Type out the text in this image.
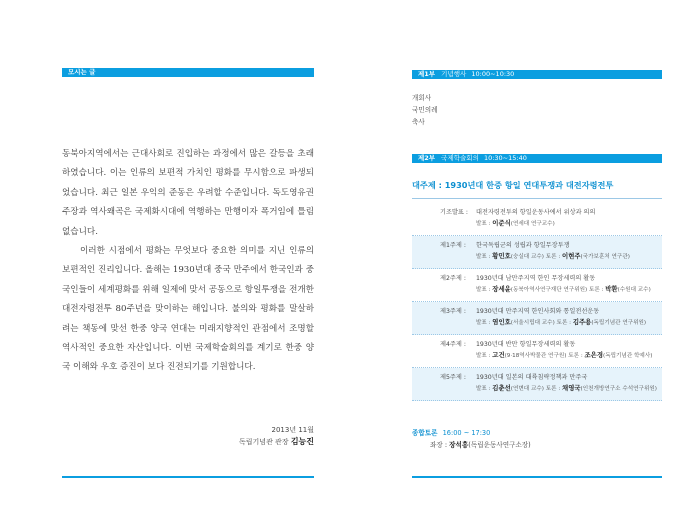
모시는 글

동북아지역에서는 근대사회로 진입하는 과정에서 많은 갈등을 초래하였습니다. 이는 인류의 보편적 가치인 평화를 무시함으로 파생되었습니다. 최근 일본 우익의 준동은 우려할 수준입니다. 독도영유권 주장과 역사왜곡은 국제화시대에 역행하는 만행이자 폭거임에 틀림없습니다.

이러한 시점에서 평화는 무엇보다 중요한 의미를 지닌 인류의 보편적인 진리입니다. 올해는 1930년대 중국 만주에서 한국인과 중국인들이 세계평화를 위해 일제에 맞서 공동으로 항일투쟁을 전개한 대전자령전투 80주년을 맞이하는 해입니다. 불의와 평화를 말살하려는 책동에 맞선 한중 양국 연대는 미래지향적인 관점에서 조명할 역사적인 중요한 자산입니다. 이번 국제학술회의를 계기로 한중 양국 이해와 우호 증진이 보다 진전되기를 기원합니다.

2013년 11월
독립기념관 관장 김능진
제1부 기념행사 10:00~10:30
개회사
국민의례
축사
제2부 국제학술회의 10:30~15:40
대주제 : 1930년대 한중 항일 연대투쟁과 대전자령전투
기조발표 :	대전자령전투의 항일운동사에서 위상과 의의
발표 : 이준식(연세대 연구교수)
제1주제 :	한국독립군의 성립과 항일무장투쟁
발표 : 황민호(숭실대 교수) 토론 : 이현주(국가보훈처 연구관)
제2주제 :	1930년대 남만주지역 한인 무장세력의 활동
발표 : 장세윤(동북아역사연구재단 연구위원) 토론 : 박환(수원대 교수)
제3주제 :	1930년대 만주지역 한인사회와 통일전선운동
발표 : 염인호(서울시립대 교수) 토론 : 김주용(독립기념관 연구위원)
제4주제 :	1930년대 반만 항일무장세력의 활동
발표 : 고건(9·18역사박물관 연구원) 토론 : 조은경(독립기념관 학예사)
제5주제 :	1930년대 일본의 대륙침략정책과 만주국
발표 : 김춘선(연변대 교수) 토론 : 채영국(인천개방연구소 수석연구위원)
종합토론 16:00 ~ 17:30
좌장 : 장석흥(독립운동사연구소장)
